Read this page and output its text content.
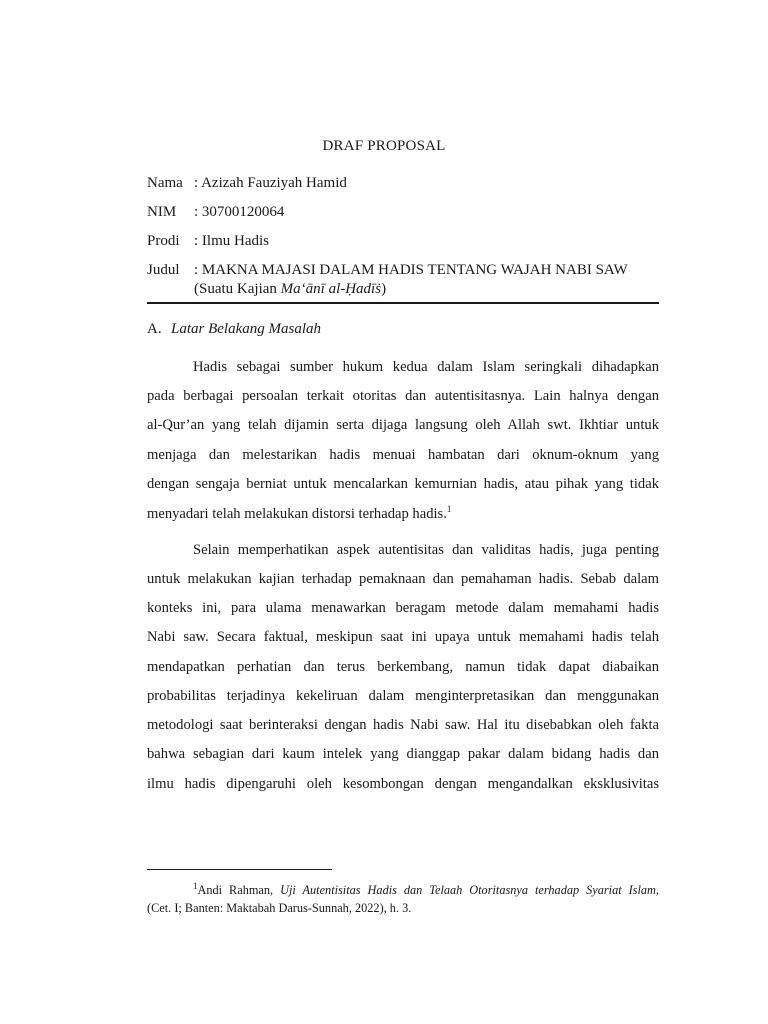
DRAF PROPOSAL
Nama : Azizah Fauziyah Hamid
NIM	: 30700120064
Prodi : Ilmu Hadis
Judul : MAKNA MAJASI DALAM HADIS TENTANG WAJAH NABI SAW
(Suatu Kajian Ma‘ānī al-Ḥadīṡ)
A. Latar Belakang Masalah
Hadis sebagai sumber hukum kedua dalam Islam seringkali dihadapkan
pada berbagai persoalan terkait otoritas dan autentisitasnya. Lain halnya dengan
al-Qur’an yang telah dijamin serta dijaga langsung oleh Allah swt. Ikhtiar untuk
menjaga dan melestarikan hadis menuai hambatan dari oknum-oknum yang
dengan sengaja berniat untuk mencalarkan kemurnian hadis, atau pihak yang tidak
menyadari telah melakukan distorsi terhadap hadis.$^1$
Selain memperhatikan aspek autentisitas dan validitas hadis, juga penting
untuk melakukan kajian terhadap pemaknaan dan pemahaman hadis. Sebab dalam
konteks ini, para ulama menawarkan beragam metode dalam memahami hadis
Nabi saw. Secara faktual, meskipun saat ini upaya untuk memahami hadis telah
mendapatkan perhatian dan terus berkembang, namun tidak dapat diabaikan
probabilitas terjadinya kekeliruan dalam menginterpretasikan dan menggunakan
metodologi saat berinteraksi dengan hadis Nabi saw. Hal itu disebabkan oleh fakta
bahwa sebagian dari kaum intelek yang dianggap pakar dalam bidang hadis dan
ilmu hadis dipengaruhi oleh kesombongan dengan mengandalkan eksklusivitas
$^1$Andi Rahman, Uji Autentisitas Hadis dan Telaah Otoritasnya terhadap Syariat Islam,
(Cet. I; Banten: Maktabah Darus-Sunnah, 2022), h. 3.
